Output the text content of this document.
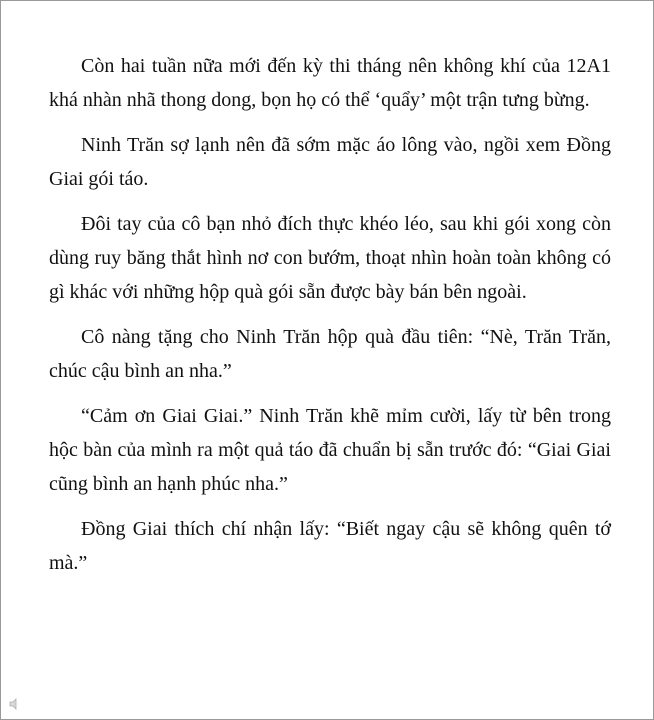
Còn hai tuần nữa mới đến kỳ thi tháng nên không khí của 12A1 khá nhàn nhã thong dong, bọn họ có thể ‘quẩy’ một trận tưng bừng.

Ninh Trăn sợ lạnh nên đã sớm mặc áo lông vào, ngồi xem Đồng Giai gói táo.

Đôi tay của cô bạn nhỏ đích thực khéo léo, sau khi gói xong còn dùng ruy băng thắt hình nơ con bướm, thoạt nhìn hoàn toàn không có gì khác với những hộp quà gói sẵn được bày bán bên ngoài.

Cô nàng tặng cho Ninh Trăn hộp quà đầu tiên: “Nè, Trăn Trăn, chúc cậu bình an nha.”

“Cảm ơn Giai Giai.” Ninh Trăn khẽ mỉm cười, lấy từ bên trong hộc bàn của mình ra một quả táo đã chuẩn bị sẵn trước đó: “Giai Giai cũng bình an hạnh phúc nha.”

Đồng Giai thích chí nhận lấy: “Biết ngay cậu sẽ không quên tớ mà.”
